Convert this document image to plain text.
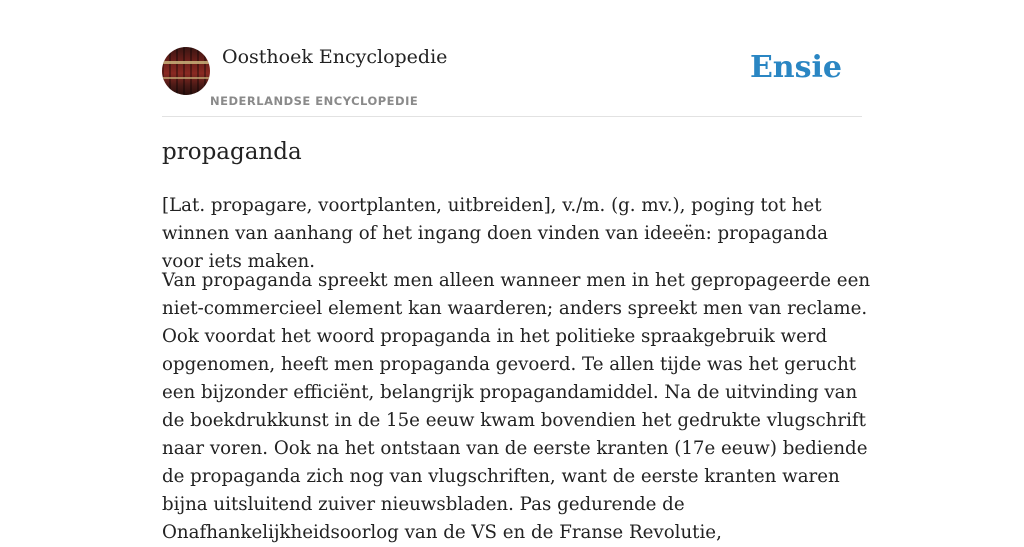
Oosthoek Encyclopedie
NEDERLANDSE ENCYCLOPEDIE
Ensie
propaganda

[Lat. propagare, voortplanten, uitbreiden], v./m. (g. mv.), poging tot het winnen van aanhang of het ingang doen vinden van ideeën: propaganda voor iets maken.

Van propaganda spreekt men alleen wanneer men in het gepropageerde een niet-commercieel element kan waarderen; anders spreekt men van reclame. Ook voordat het woord propaganda in het politieke spraakgebruik werd opgenomen, heeft men propaganda gevoerd. Te allen tijde was het gerucht een bijzonder efficiënt, belangrijk propagandamiddel. Na de uitvinding van de boekdrukkunst in de 15e eeuw kwam bovendien het gedrukte vlugschrift naar voren. Ook na het ontstaan van de eerste kranten (17e eeuw) bediende de propaganda zich nog van vlugschriften, want de eerste kranten waren bijna uitsluitend zuiver nieuwsbladen. Pas gedurende de Onafhankelijkheidsoorlog van de VS en de Franse Revolutie,
